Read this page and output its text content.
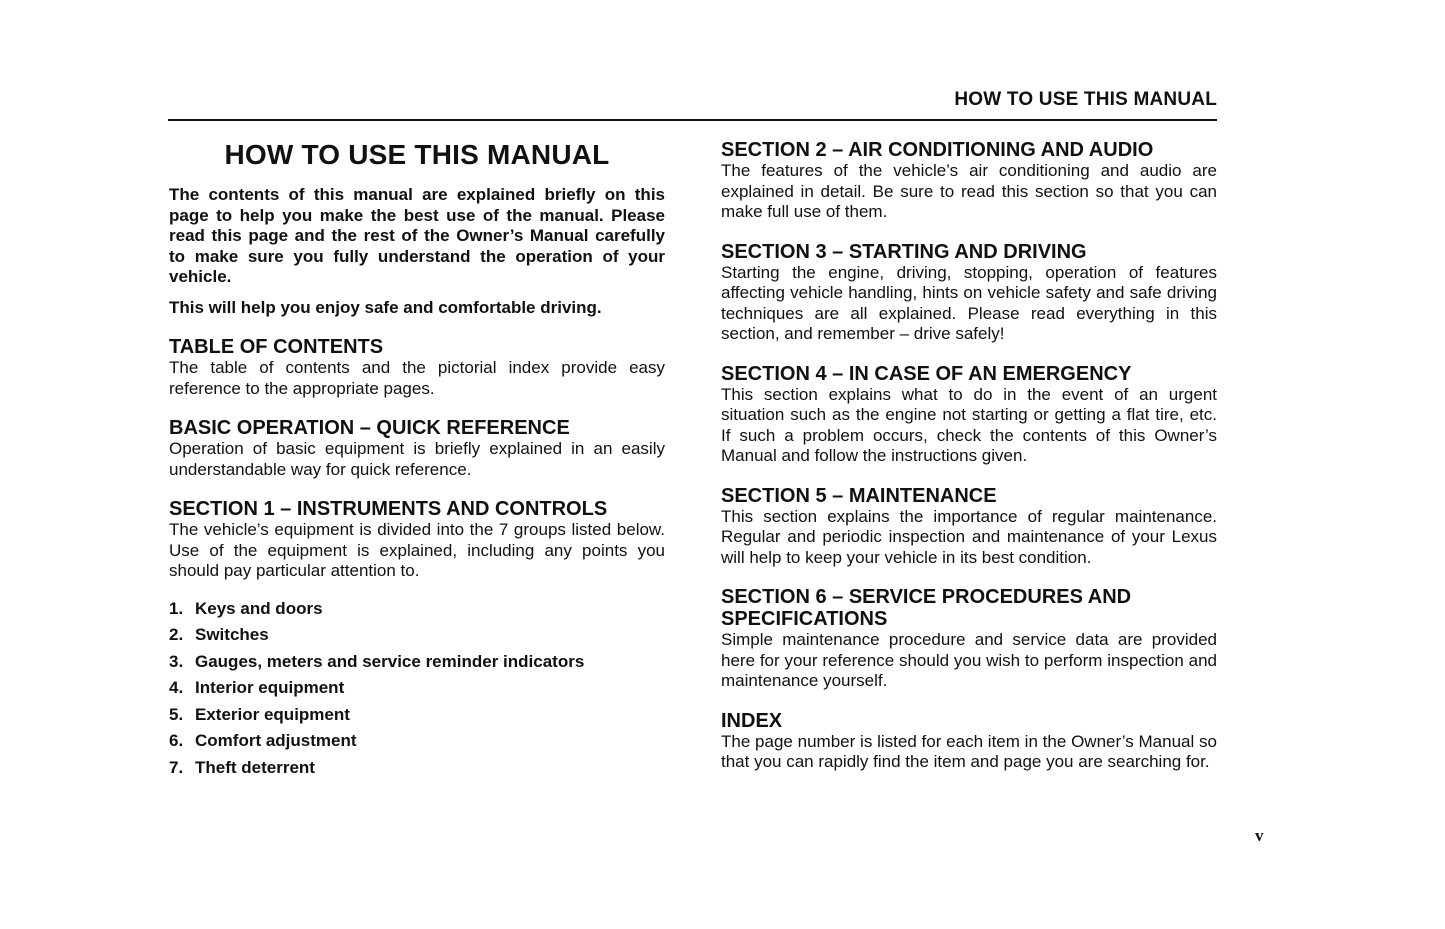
HOW TO USE THIS MANUAL
HOW TO USE THIS MANUAL

The contents of this manual are explained briefly on this page to help you make the best use of the manual. Please read this page and the rest of the Owner’s Manual carefully to make sure you fully understand the operation of your vehicle.

This will help you enjoy safe and comfortable driving.

TABLE OF CONTENTS

The table of contents and the pictorial index provide easy reference to the appropriate pages.

BASIC OPERATION – QUICK REFERENCE

Operation of basic equipment is briefly explained in an easily understandable way for quick reference.

SECTION 1 – INSTRUMENTS AND CONTROLS

The vehicle’s equipment is divided into the 7 groups listed below. Use of the equipment is explained, including any points you should pay particular attention to.

1. Keys and doors
2. Switches
3. Gauges, meters and service reminder indicators
4. Interior equipment
5. Exterior equipment
6. Comfort adjustment
7. Theft deterrent
SECTION 2 – AIR CONDITIONING AND AUDIO

The features of the vehicle’s air conditioning and audio are explained in detail. Be sure to read this section so that you can make full use of them.

SECTION 3 – STARTING AND DRIVING

Starting the engine, driving, stopping, operation of features affecting vehicle handling, hints on vehicle safety and safe driving techniques are all explained. Please read everything in this section, and remember – drive safely!

SECTION 4 – IN CASE OF AN EMERGENCY

This section explains what to do in the event of an urgent situation such as the engine not starting or getting a flat tire, etc. If such a problem occurs, check the contents of this Owner’s Manual and follow the instructions given.

SECTION 5 – MAINTENANCE

This section explains the importance of regular maintenance. Regular and periodic inspection and maintenance of your Lexus will help to keep your vehicle in its best condition.

SECTION 6 – SERVICE PROCEDURES AND SPECIFICATIONS

Simple maintenance procedure and service data are provided here for your reference should you wish to perform inspection and maintenance yourself.

INDEX

The page number is listed for each item in the Owner’s Manual so that you can rapidly find the item and page you are searching for.

v
